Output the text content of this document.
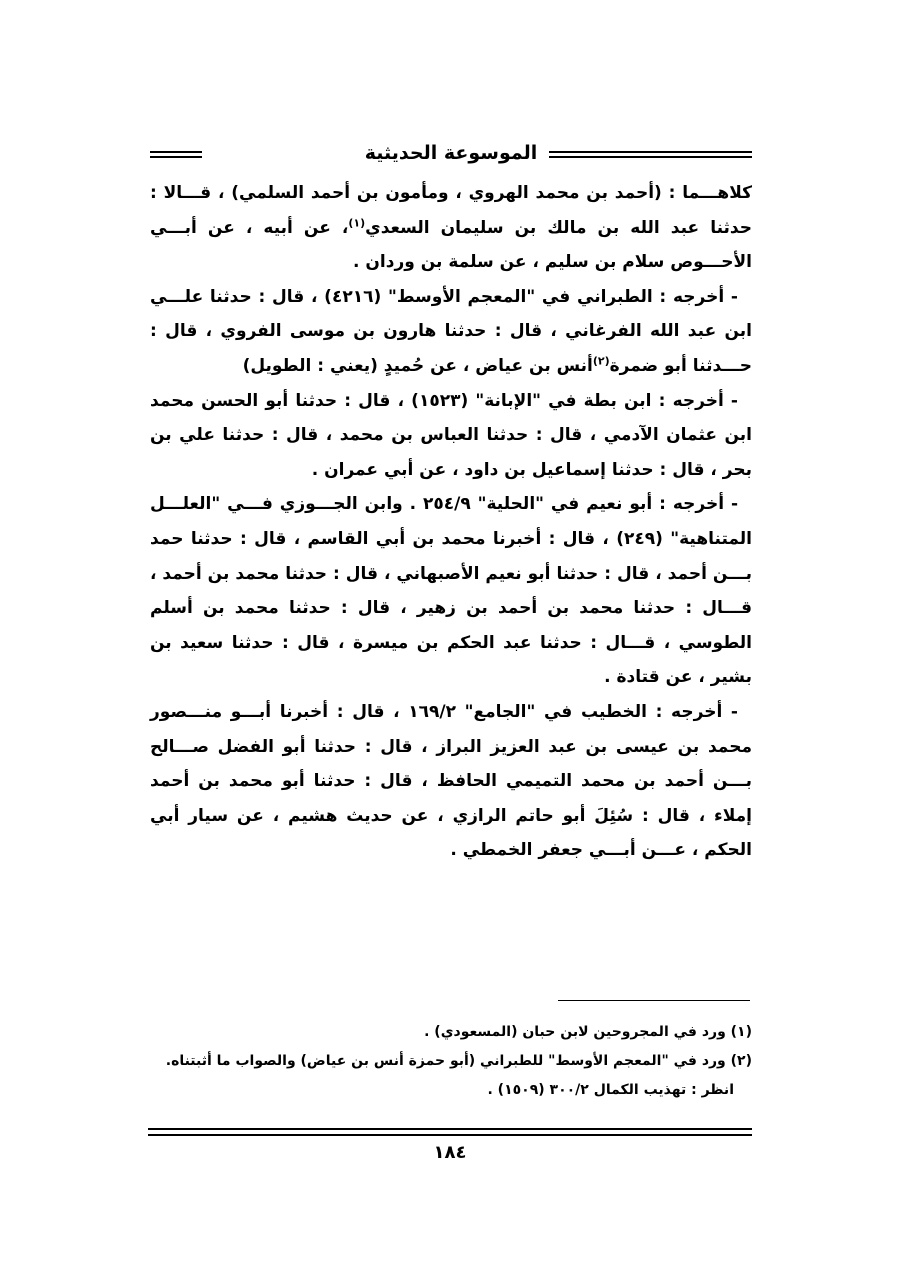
الموسوعة الحديثية

كلاهـــما : (أحمد بن محمد الهروي ، ومأمون بن أحمد السلمي) ، قـــالا : حدثنا عبد الله بن مالك بن سليمان السعدي$^{(١)}$، عن أبيه ، عن أبـــي الأحـــوص سلام بن سليم ، عن سلمة بن وردان .

- أخرجه : الطبراني في "المعجم الأوسط" (٤٢١٦) ، قال : حدثنا علـــي ابن عبد الله الفرغاني ، قال : حدثنا هارون بن موسى الفروي ، قال : حـــدثنا أبو ضمرة$^{(٢)}$أنس بن عياض ، عن حُميدٍ (يعني : الطويل)

- أخرجه : ابن بطة في "الإبانة" (١٥٢٣) ، قال : حدثنا أبو الحسن محمد ابن عثمان الآدمي ، قال : حدثنا العباس بن محمد ، قال : حدثنا علي بن بحر ، قال : حدثنا إسماعيل بن داود ، عن أبي عمران .

- أخرجه : أبو نعيم في "الحلية" ٢٥٤/٩ . وابن الجـــوزي فـــي "العلـــل المتناهية" (٢٤٩) ، قال : أخبرنا محمد بن أبي القاسم ، قال : حدثنا حمد بـــن أحمد ، قال : حدثنا أبو نعيم الأصبهاني ، قال : حدثنا محمد بن أحمد ، قـــال : حدثنا محمد بن أحمد بن زهير ، قال : حدثنا محمد بن أسلم الطوسي ، قـــال : حدثنا عبد الحكم بن ميسرة ، قال : حدثنا سعيد بن بشير ، عن قتادة .

- أخرجه : الخطيب في "الجامع" ١٦٩/٢ ، قال : أخبرنا أبـــو منـــصور محمد بن عيسى بن عبد العزيز البراز ، قال : حدثنا أبو الفضل صـــالح بـــن أحمد بن محمد التميمي الحافظ ، قال : حدثنا أبو محمد بن أحمد إملاء ، قال : سُئِلَ أبو حاتم الرازي ، عن حديث هشيم ، عن سيار أبي الحكم ، عـــن أبـــي جعفر الخمطي .

(١) ورد في المجروحين لابن حبان (المسعودي) .

(٢) ورد في "المعجم الأوسط" للطبراني (أبو حمزة أنس بن عياض) والصواب ما أثبتناه.

انظر : تهذيب الكمال ٣٠٠/٢ (١٥٠٩) .

١٨٤
